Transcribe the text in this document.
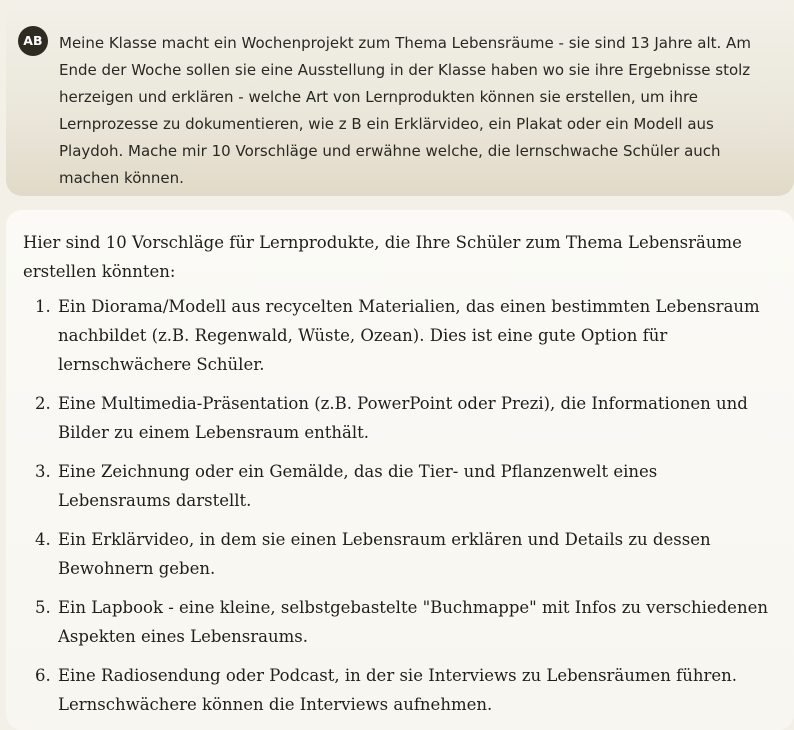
AB	Meine Klasse macht ein Wochenprojekt zum Thema Lebensräume - sie sind 13 Jahre alt. Am
Ende der Woche sollen sie eine Ausstellung in der Klasse haben wo sie ihre Ergebnisse stolz
herzeigen und erklären - welche Art von Lernprodukten können sie erstellen, um ihre
Lernprozesse zu dokumentieren, wie z B ein Erklärvideo, ein Plakat oder ein Modell aus
Playdoh. Mache mir 10 Vorschläge und erwähne welche, die lernschwache Schüler auch
machen können.
Hier sind 10 Vorschläge für Lernprodukte, die Ihre Schüler zum Thema Lebensräume
erstellen könnten:
1. Ein Diorama/Modell aus recycelten Materialien, das einen bestimmten Lebensraum
nachbildet (z.B. Regenwald, Wüste, Ozean). Dies ist eine gute Option für
lernschwächere Schüler.
2. Eine Multimedia-Präsentation (z.B. PowerPoint oder Prezi), die Informationen und
Bilder zu einem Lebensraum enthält.
3. Eine Zeichnung oder ein Gemälde, das die Tier- und Pflanzenwelt eines
Lebensraums darstellt.
4. Ein Erklärvideo, in dem sie einen Lebensraum erklären und Details zu dessen
Bewohnern geben.
5. Ein Lapbook - eine kleine, selbstgebastelte "Buchmappe" mit Infos zu verschiedenen
Aspekten eines Lebensraums.
6. Eine Radiosendung oder Podcast, in der sie Interviews zu Lebensräumen führen.
Lernschwächere können die Interviews aufnehmen.
